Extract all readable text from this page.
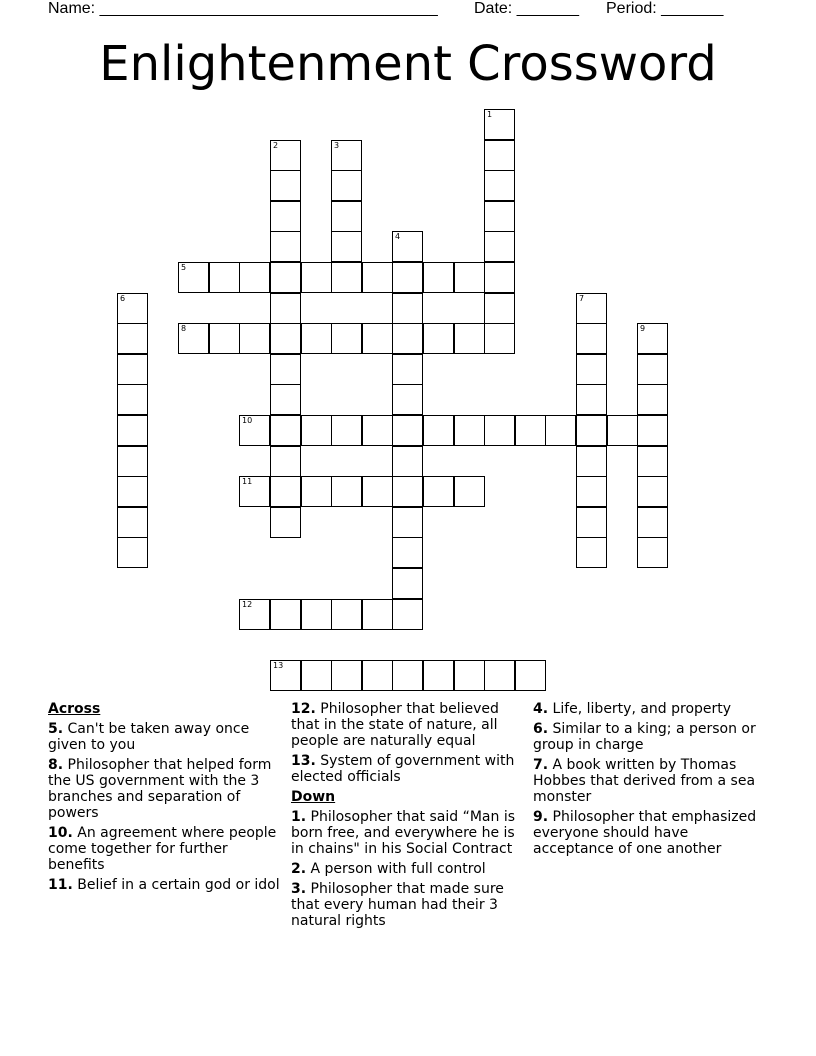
Name: ______________________________________ Date: _______ Period: _______
Enlightenment Crossword
1
2	3
4
5
6	7
8	9
10
11
12
13
Across
5. Can't be taken away once given to you
8. Philosopher that helped form the US government with the 3 branches and separation of powers
10. An agreement where people come together for further benefits
11. Belief in a certain god or idol
12. Philosopher that believed that in the state of nature, all people are naturally equal
13. System of government with elected officials
Down
1. Philosopher that said “Man is born free, and everywhere he is in chains" in his Social Contract
2. A person with full control
3. Philosopher that made sure that every human had their 3 natural rights
4. Life, liberty, and property
6. Similar to a king; a person or group in charge
7. A book written by Thomas Hobbes that derived from a sea monster
9. Philosopher that emphasized everyone should have acceptance of one another
